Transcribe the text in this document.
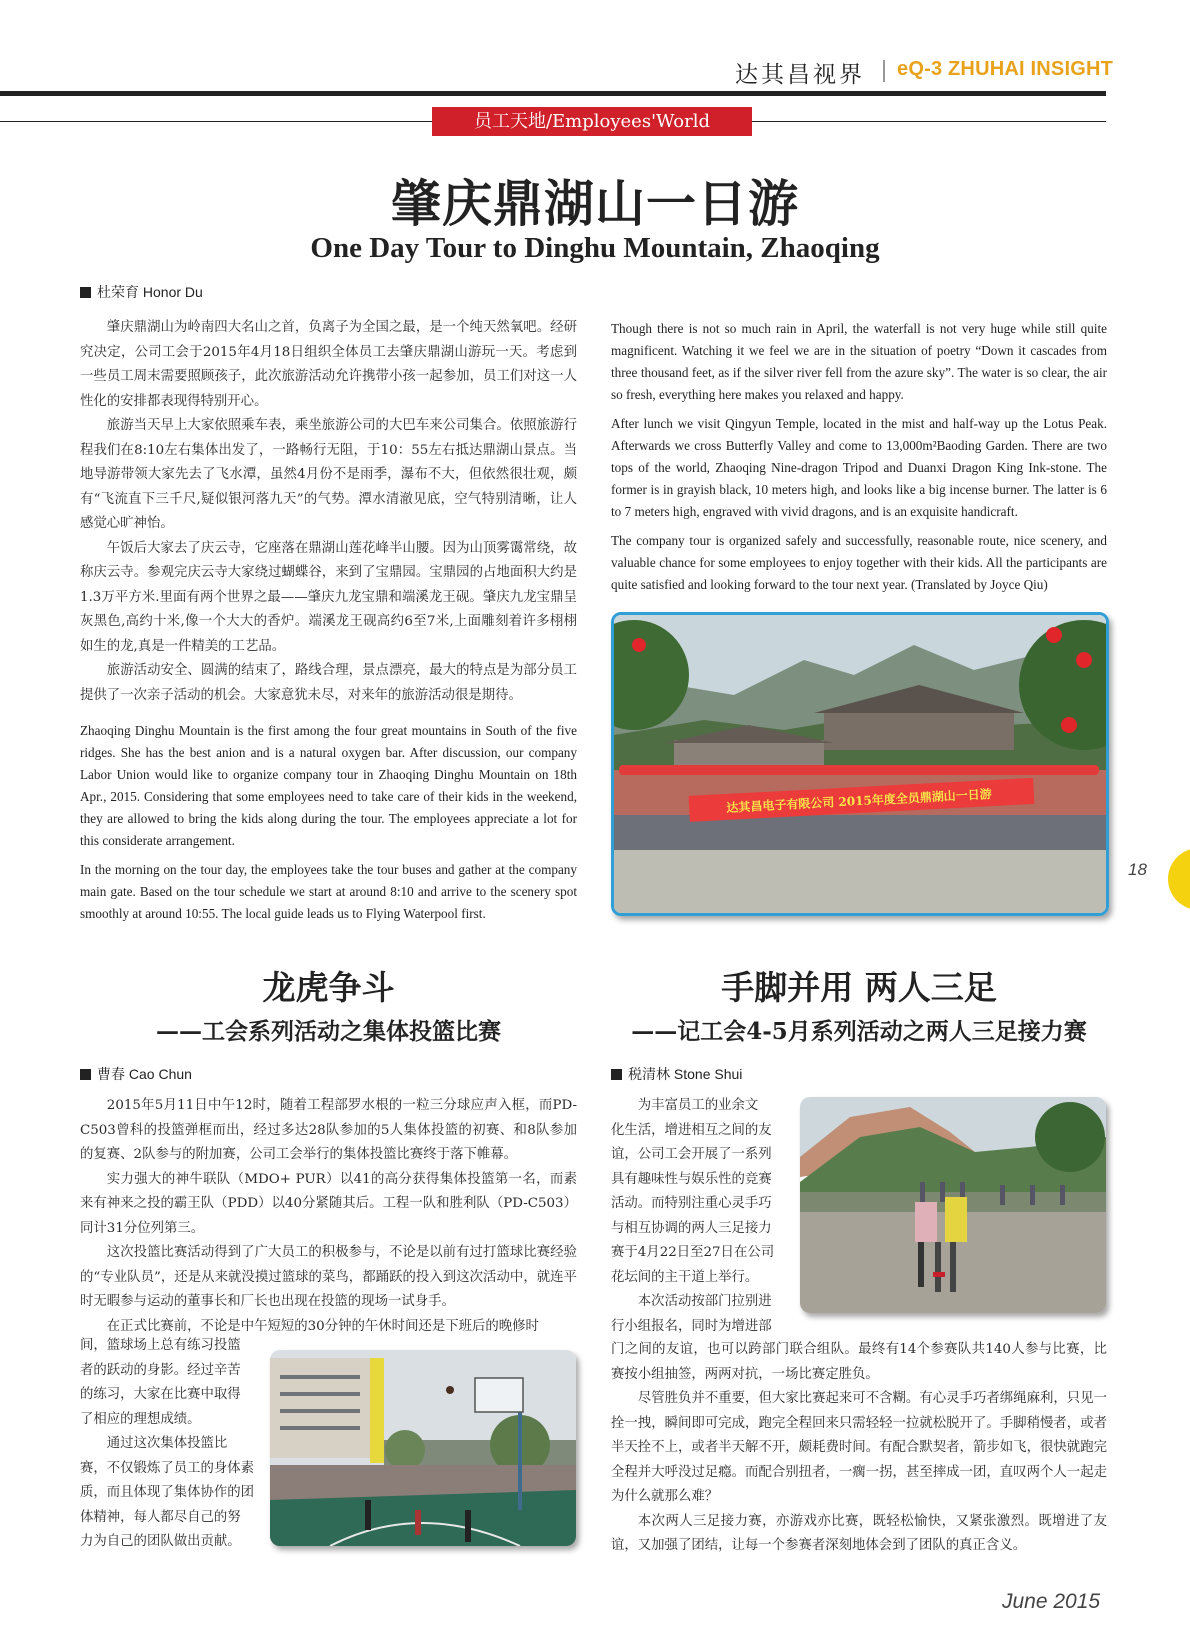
达其昌视界 eQ-3 ZHUHAI INSIGHT
员工天地/Employees'World
肇庆鼎湖山一日游
One Day Tour to Dinghu Mountain, Zhaoqing
杜荣育 Honor Du

肇庆鼎湖山为岭南四大名山之首，负离子为全国之最，是一个纯天然氧吧。经研究决定，公司工会于2015年4月18日组织全体员工去肇庆鼎湖山游玩一天。考虑到一些员工周末需要照顾孩子，此次旅游活动允许携带小孩一起参加，员工们对这一人性化的安排都表现得特别开心。

旅游当天早上大家依照乘车表，乘坐旅游公司的大巴车来公司集合。依照旅游行程我们在8:10左右集体出发了，一路畅行无阻，于10：55左右抵达鼎湖山景点。当地导游带领大家先去了飞水潭，虽然4月份不是雨季，瀑布不大，但依然很壮观，颇有“飞流直下三千尺,疑似银河落九天”的气势。潭水清澈见底，空气特别清晰，让人感觉心旷神怡。

午饭后大家去了庆云寺，它座落在鼎湖山莲花峰半山腰。因为山顶雾霭常绕，故称庆云寺。参观完庆云寺大家绕过蝴蝶谷，来到了宝鼎园。宝鼎园的占地面积大约是1.3万平方米.里面有两个世界之最——肇庆九龙宝鼎和端溪龙王砚。肇庆九龙宝鼎呈灰黑色,高约十米,像一个大大的香炉。端溪龙王砚高约6至7米,上面雕刻着许多栩栩如生的龙,真是一件精美的工艺品。

旅游活动安全、圆满的结束了，路线合理，景点漂亮，最大的特点是为部分员工提供了一次亲子活动的机会。大家意犹未尽，对来年的旅游活动很是期待。

Zhaoqing Dinghu Mountain is the first among the four great mountains in South of the five ridges. She has the best anion and is a natural oxygen bar. After discussion, our company Labor Union would like to organize company tour in Zhaoqing Dinghu Mountain on 18th Apr., 2015. Considering that some employees need to take care of their kids in the weekend, they are allowed to bring the kids along during the tour. The employees appreciate a lot for this considerate arrangement.

In the morning on the tour day, the employees take the tour buses and gather at the company main gate. Based on the tour schedule we start at around 8:10 and arrive to the scenery spot smoothly at around 10:55. The local guide leads us to Flying Waterpool first.

Though there is not so much rain in April, the waterfall is not very huge while still quite magnificent. Watching it we feel we are in the situation of poetry “Down it cascades from three thousand feet, as if the silver river fell from the azure sky”. The water is so clear, the air so fresh, everything here makes you relaxed and happy.

After lunch we visit Qingyun Temple, located in the mist and half-way up the Lotus Peak. Afterwards we cross Butterfly Valley and come to 13,000m²Baoding Garden. There are two tops of the world, Zhaoqing Nine-dragon Tripod and Duanxi Dragon King Ink-stone. The former is in grayish black, 10 meters high, and looks like a big incense burner. The latter is 6 to 7 meters high, engraved with vivid dragons, and is an exquisite handicraft.

The company tour is organized safely and successfully, reasonable route, nice scenery, and valuable chance for some employees to enjoy together with their kids. All the participants are quite satisfied and looking forward to the tour next year. (Translated by Joyce Qiu)

达其昌电子有限公司 2015年度全员鼎湖山一日游
18
龙虎争斗
——工会系列活动之集体投篮比赛
曹春 Cao Chun

2015年5月11日中午12时，随着工程部罗水根的一粒三分球应声入框，而PD-C503曾科的投篮弹框而出，经过多达28队参加的5人集体投篮的初赛、和8队参加的复赛、2队参与的附加赛，公司工会举行的集体投篮比赛终于落下帷幕。

实力强大的神牛联队（MDO+ PUR）以41的高分获得集体投篮第一名，而素来有神来之投的霸王队（PDD）以40分紧随其后。工程一队和胜利队（PD-C503）同计31分位列第三。

这次投篮比赛活动得到了广大员工的积极参与，不论是以前有过打篮球比赛经验的“专业队员”，还是从来就没摸过篮球的菜鸟，都踊跃的投入到这次活动中，就连平时无暇参与运动的董事长和厂长也出现在投篮的现场一试身手。

在正式比赛前，不论是中午短短的30分钟的午休时间还是下班后的晚修时

间，篮球场上总有练习投篮

者的跃动的身影。经过辛苦

的练习，大家在比赛中取得

了相应的理想成绩。

通过这次集体投篮比

赛，不仅锻炼了员工的身体素

质，而且体现了集体协作的团

体精神，每人都尽自己的努

力为自己的团队做出贡献。

手脚并用 两人三足
——记工会4-5月系列活动之两人三足接力赛
税清林 Stone Shui

为丰富员工的业余文

化生活，增进相互之间的友

谊，公司工会开展了一系列

具有趣味性与娱乐性的竞赛

活动。而特别注重心灵手巧

与相互协调的两人三足接力

赛于4月22日至27日在公司

花坛间的主干道上举行。

本次活动按部门拉别进

行小组报名，同时为增进部

门之间的友谊，也可以跨部门联合组队。最终有14个参赛队共140人参与比赛，比赛按小组抽签，两两对抗，一场比赛定胜负。

尽管胜负并不重要，但大家比赛起来可不含糊。有心灵手巧者绑绳麻利，只见一拴一拽，瞬间即可完成，跑完全程回来只需轻轻一拉就松脱开了。手脚稍慢者，或者半天拴不上，或者半天解不开，颇耗费时间。有配合默契者，箭步如飞，很快就跑完全程并大呼没过足瘾。而配合别扭者，一瘸一拐，甚至摔成一团，直叹两个人一起走为什么就那么难？

本次两人三足接力赛，亦游戏亦比赛，既轻松愉快，又紧张激烈。既增进了友谊，又加强了团结，让每一个参赛者深刻地体会到了团队的真正含义。

June 2015
